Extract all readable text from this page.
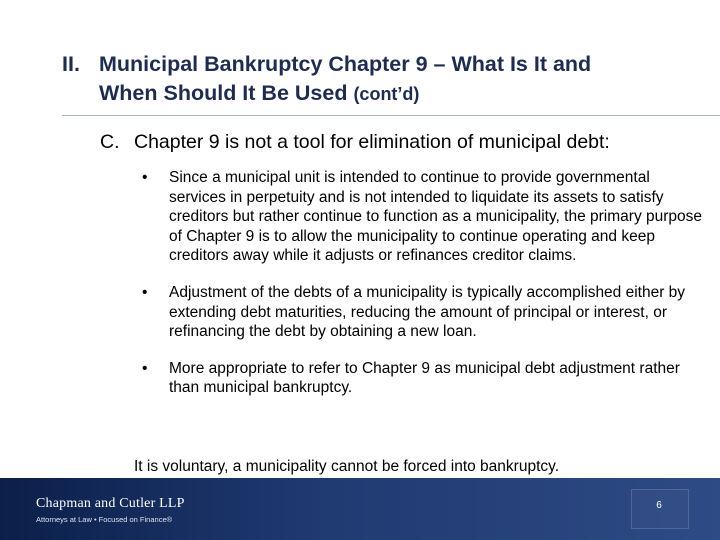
II. Municipal Bankruptcy Chapter 9 – What Is It and
When Should It Be Used (cont’d)
C. Chapter 9 is not a tool for elimination of municipal debt:
• Since a municipal unit is intended to continue to provide governmental services in perpetuity and is not intended to liquidate its assets to satisfy creditors but rather continue to function as a municipality, the primary purpose of Chapter 9 is to allow the municipality to continue operating and keep creditors away while it adjusts or refinances creditor claims.
• Adjustment of the debts of a municipality is typically accomplished either by extending debt maturities, reducing the amount of principal or interest, or refinancing the debt by obtaining a new loan.
• More appropriate to refer to Chapter 9 as municipal debt adjustment rather than municipal bankruptcy.
It is voluntary, a municipality cannot be forced into bankruptcy.
Chapman and Cutler LLP
Attorneys at Law • Focused on Finance®
6
